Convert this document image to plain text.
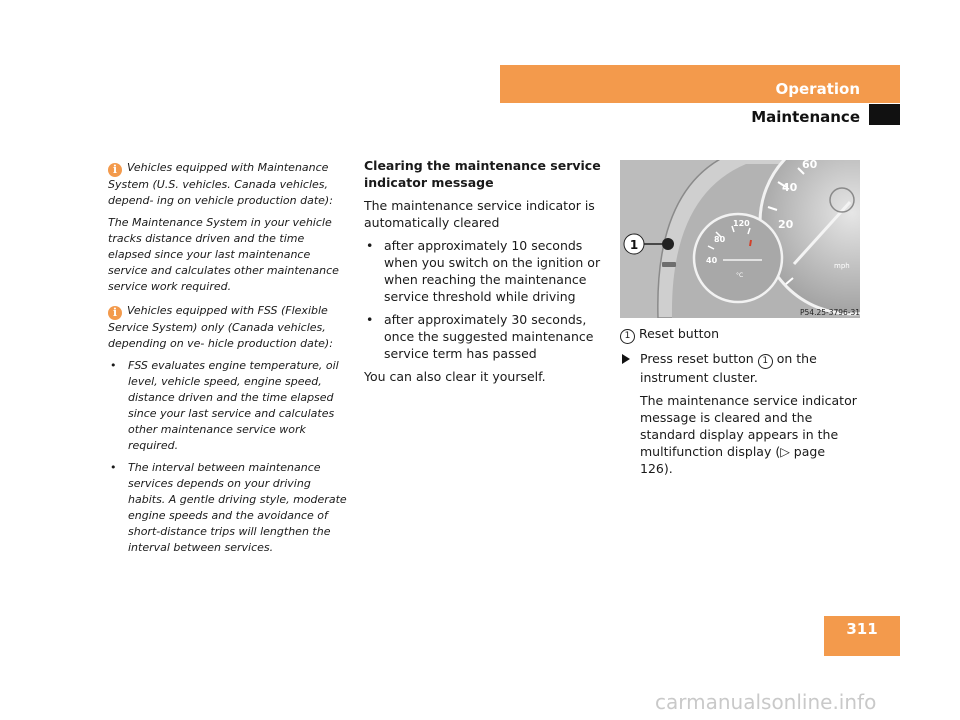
Operation
Maintenance

i Vehicles equipped with Maintenance System (U.S. vehicles. Canada vehicles, depend- ing on vehicle production date):

The Maintenance System in your vehicle tracks distance driven and the time elapsed since your last maintenance service and calculates other maintenance service work required.

i Vehicles equipped with FSS (Flexible Service System) only (Canada vehicles, depending on ve- hicle production date):

• FSS evaluates engine temperature, oil level, vehicle speed, engine speed, distance driven and the time elapsed since your last service and calculates other maintenance service work required.
• The interval between maintenance services depends on your driving habits. A gentle driving style, moderate engine speeds and the avoidance of short-distance trips will lengthen the interval between services.
Clearing the maintenance service indicator message

The maintenance service indicator is automatically cleared

• after approximately 10 seconds when you switch on the ignition or when reaching the maintenance service threshold while driving
• after approximately 30 seconds, once the suggested maintenance service term has passed

You can also clear it yourself.

60
40
20
mph
120
80
40
°C
1
P54.25-3796-31

1 Reset button

Press reset button 1 on the instrument cluster.

The maintenance service indicator message is cleared and the standard display appears in the multifunction display (▷ page 126).

311
carmanualsonline.info
